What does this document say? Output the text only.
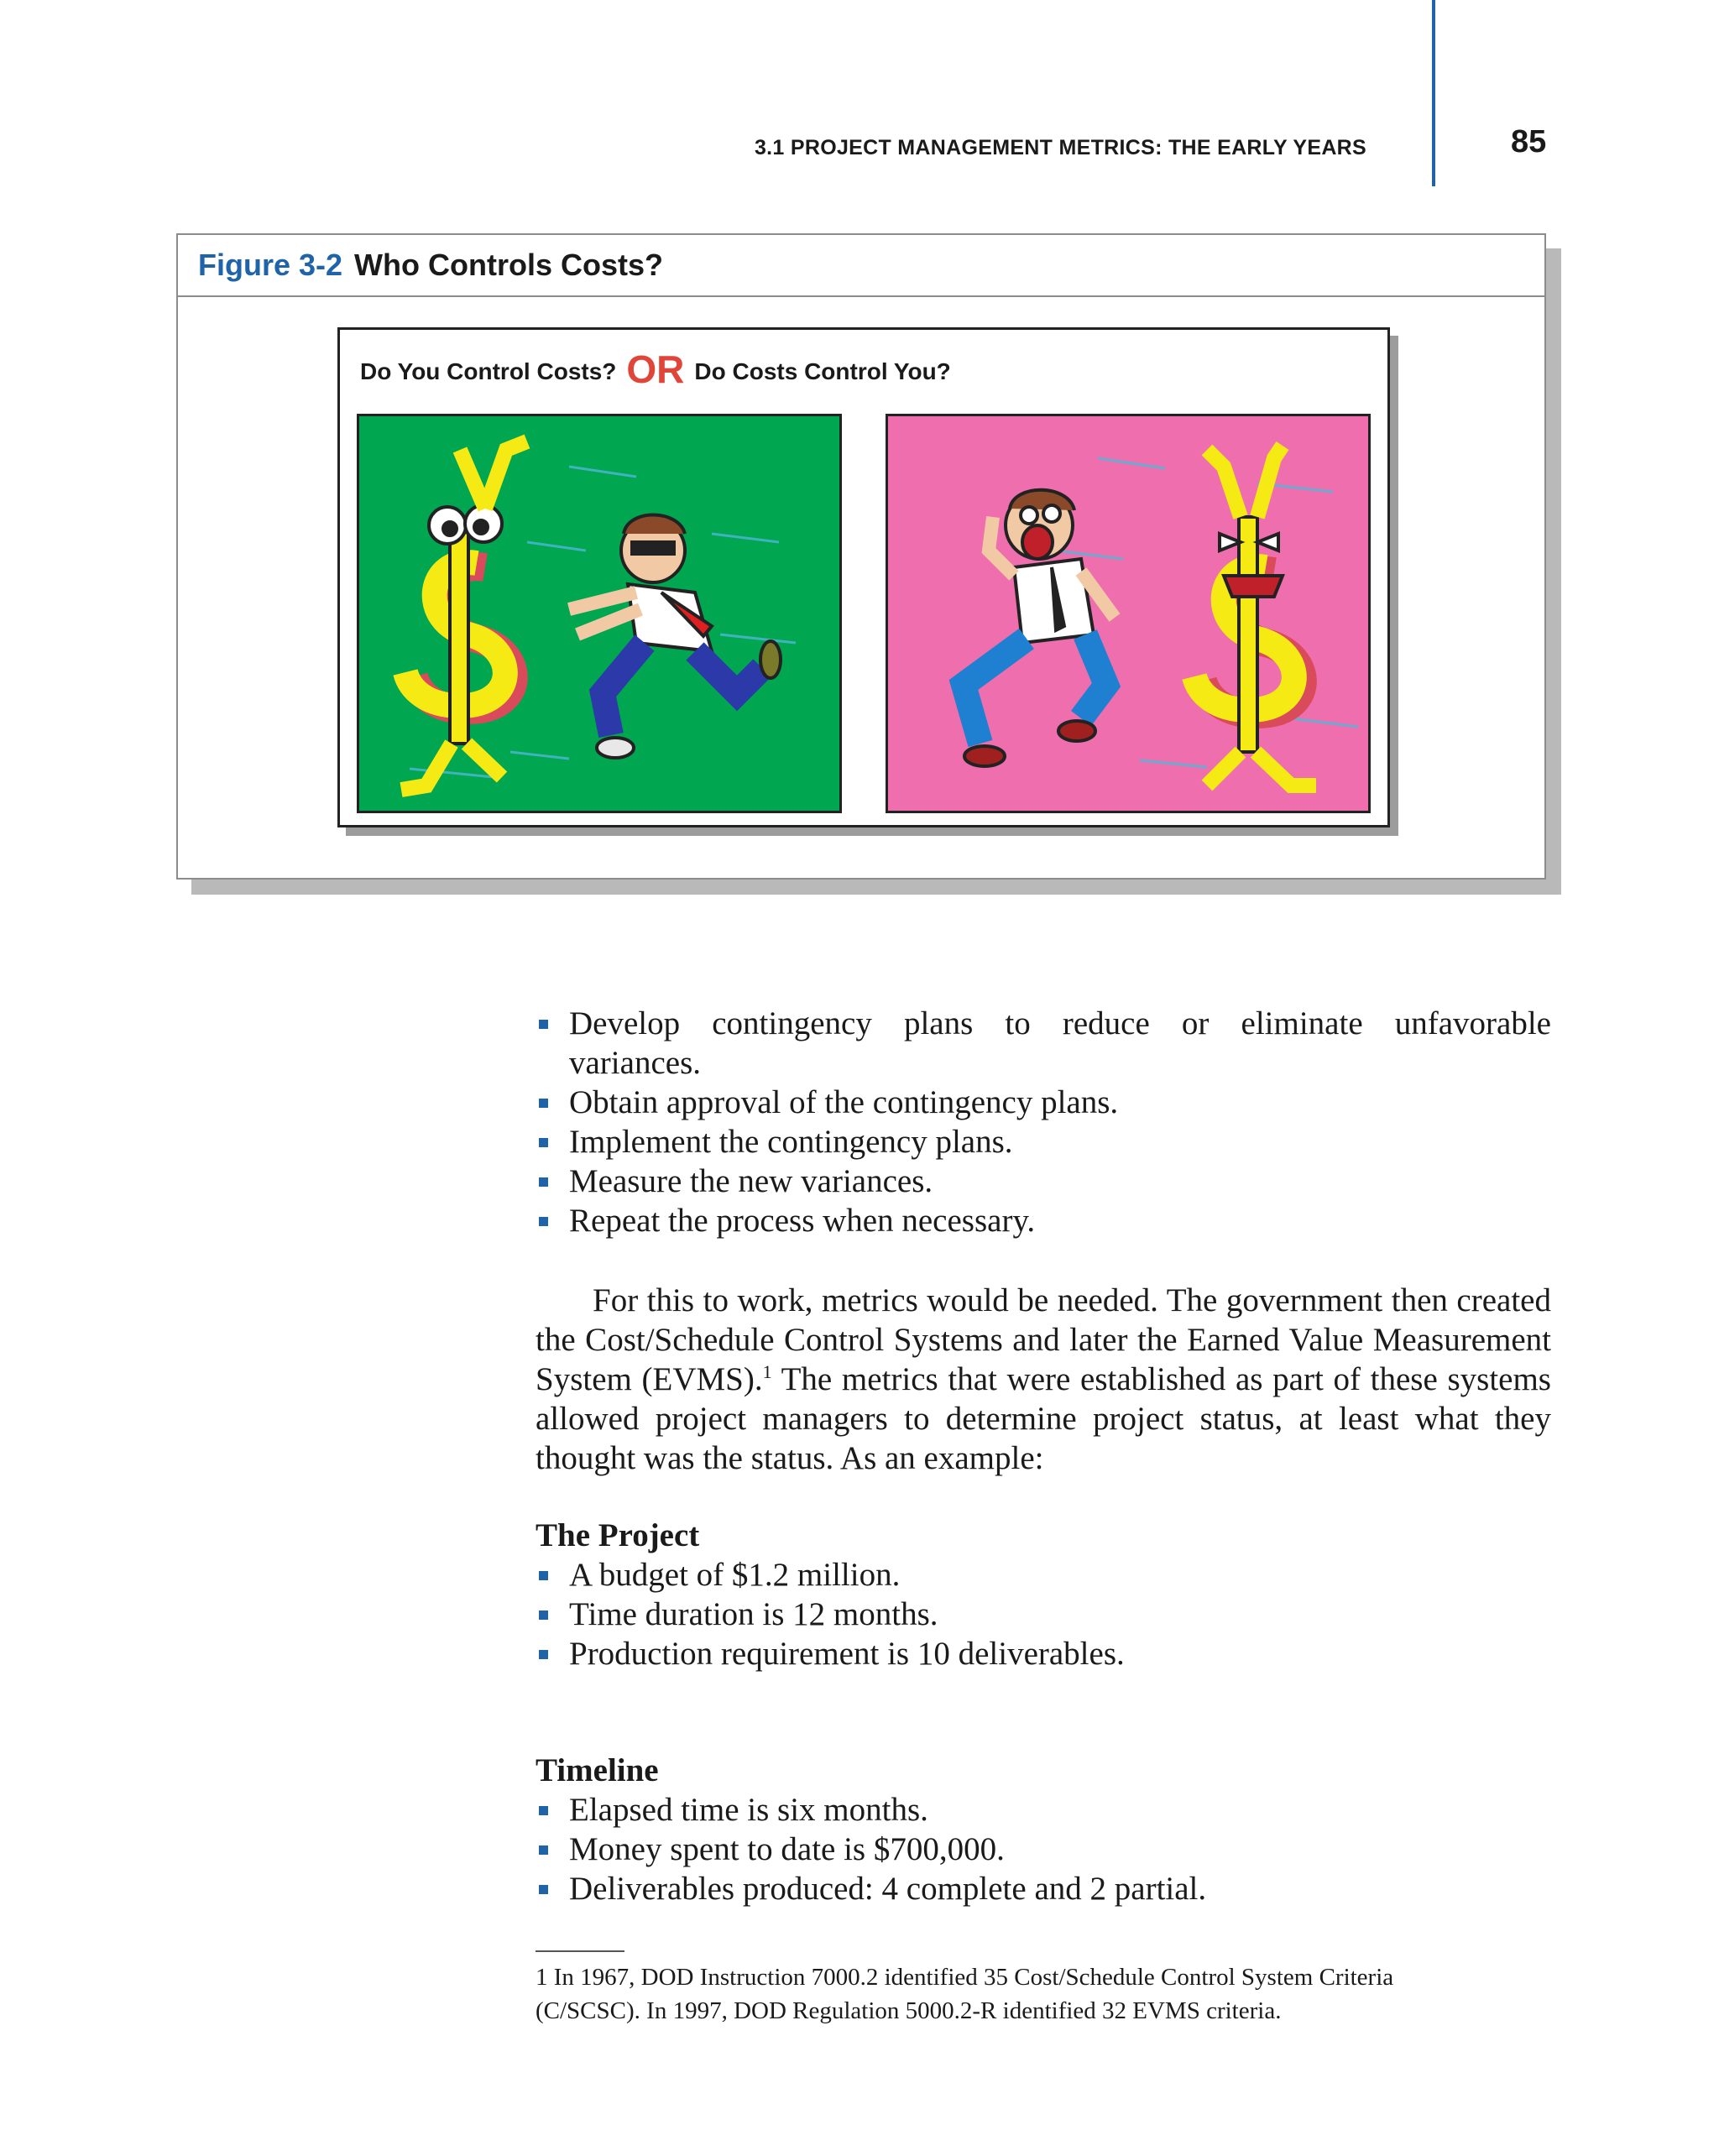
3.1 PROJECT MANAGEMENT METRICS: THE EARLY YEARS	85
Figure 3-2 Who Controls Costs?
Do You Control Costs? OR Do Costs Control You?
Develop contingency plans to reduce or eliminate unfavorable
variances.
Obtain approval of the contingency plans.
Implement the contingency plans.
Measure the new variances.
Repeat the process when necessary.

For this to work, metrics would be needed. The government then created the Cost/Schedule Control Systems and later the Earned Value Measurement System (EVMS).$^1$ The metrics that were established as part of these systems allowed project managers to determine project status, at least what they thought was the status. As an example:

The Project

A budget of $1.2 million.
Time duration is 12 months.
Production requirement is 10 deliverables.

Timeline

Elapsed time is six months.
Money spent to date is $700,000.
Deliverables produced: 4 complete and 2 partial.
1 In 1967, DOD Instruction 7000.2 identified 35 Cost/Schedule Control System Criteria
(C/SCSC). In 1997, DOD Regulation 5000.2-R identified 32 EVMS criteria.
